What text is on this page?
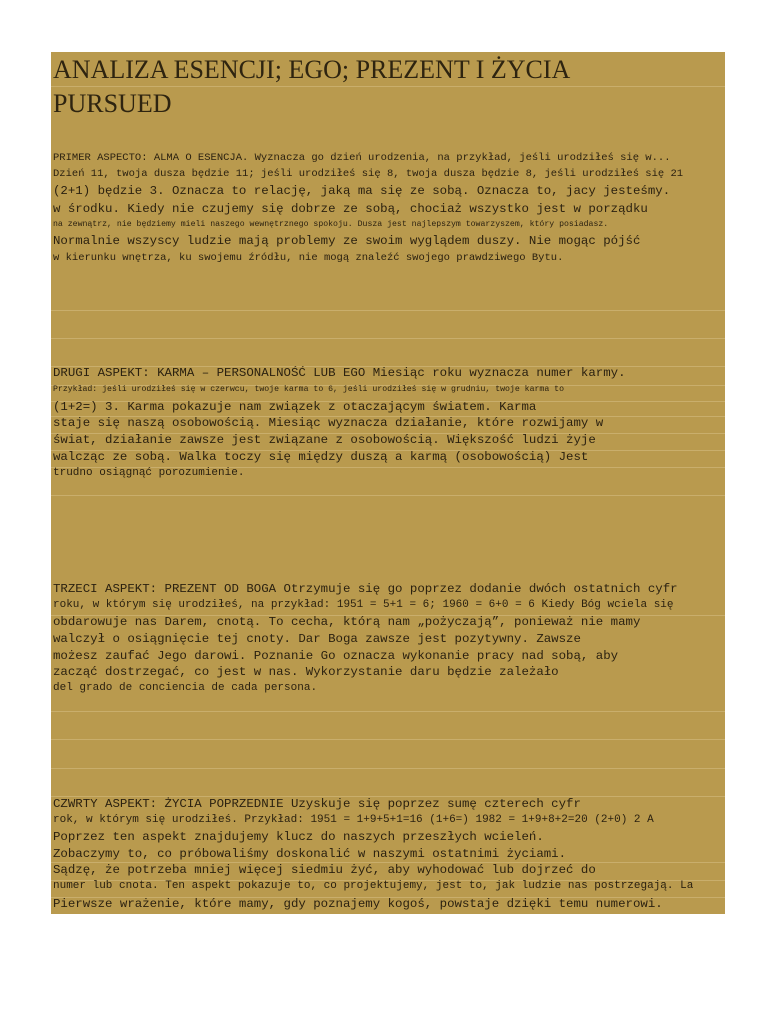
ANALIZA ESENCJI; EGO; PREZENT I ŻYCIA
PURSUED
PRIMER ASPECTO: ALMA O ESENCJA. Wyznacza go dzień urodzenia, na przykład, jeśli urodziłeś się w...
Dzień 11, twoja dusza będzie 11; jeśli urodziłeś się 8, twoja dusza będzie 8, jeśli urodziłeś się 21
(2+1) będzie 3. Oznacza to relację, jaką ma się ze sobą. Oznacza to, jacy jesteśmy.
w środku. Kiedy nie czujemy się dobrze ze sobą, chociaż wszystko jest w porządku
na zewnątrz, nie będziemy mieli naszego wewnętrznego spokoju. Dusza jest najlepszym towarzyszem, który posiadasz.
Normalnie wszyscy ludzie mają problemy ze swoim wyglądem duszy. Nie mogąc pójść
w kierunku wnętrza, ku swojemu źródłu, nie mogą znaleźć swojego prawdziwego Bytu.
DRUGI ASPEKT: KARMA – PERSONALNOŚĆ LUB EGO Miesiąc roku wyznacza numer karmy.
Przykład: jeśli urodziłeś się w czerwcu, twoje karma to 6, jeśli urodziłeś się w grudniu, twoje karma to
(1+2=) 3. Karma pokazuje nam związek z otaczającym światem. Karma
staje się naszą osobowością. Miesiąc wyznacza działanie, które rozwijamy w
świat, działanie zawsze jest związane z osobowością. Większość ludzi żyje
walcząc ze sobą. Walka toczy się między duszą a karmą (osobowością) Jest
trudno osiągnąć porozumienie.
TRZECI ASPEKT: PREZENT OD BOGA Otrzymuje się go poprzez dodanie dwóch ostatnich cyfr
roku, w którym się urodziłeś, na przykład: 1951 = 5+1 = 6; 1960 = 6+0 = 6 Kiedy Bóg wciela się
obdarowuje nas Darem, cnotą. To cecha, którą nam „pożyczają”, ponieważ nie mamy
walczył o osiągnięcie tej cnoty. Dar Boga zawsze jest pozytywny. Zawsze
możesz zaufać Jego darowi. Poznanie Go oznacza wykonanie pracy nad sobą, aby
zacząć dostrzegać, co jest w nas. Wykorzystanie daru będzie zależało
del grado de conciencia de cada persona.
CZWRTY ASPEKT: ŻYCIA POPRZEDNIE Uzyskuje się poprzez sumę czterech cyfr
rok, w którym się urodziłeś. Przykład: 1951 = 1+9+5+1=16 (1+6=) 1982 = 1+9+8+2=20 (2+0) 2 A
Poprzez ten aspekt znajdujemy klucz do naszych przeszłych wcieleń.
Zobaczymy to, co próbowaliśmy doskonalić w naszymi ostatnimi życiami.
Sądzę, że potrzeba mniej więcej siedmiu żyć, aby wyhodować lub dojrzeć do
numer lub cnota. Ten aspekt pokazuje to, co projektujemy, jest to, jak ludzie nas postrzegają. La
Pierwsze wrażenie, które mamy, gdy poznajemy kogoś, powstaje dzięki temu numerowi.
